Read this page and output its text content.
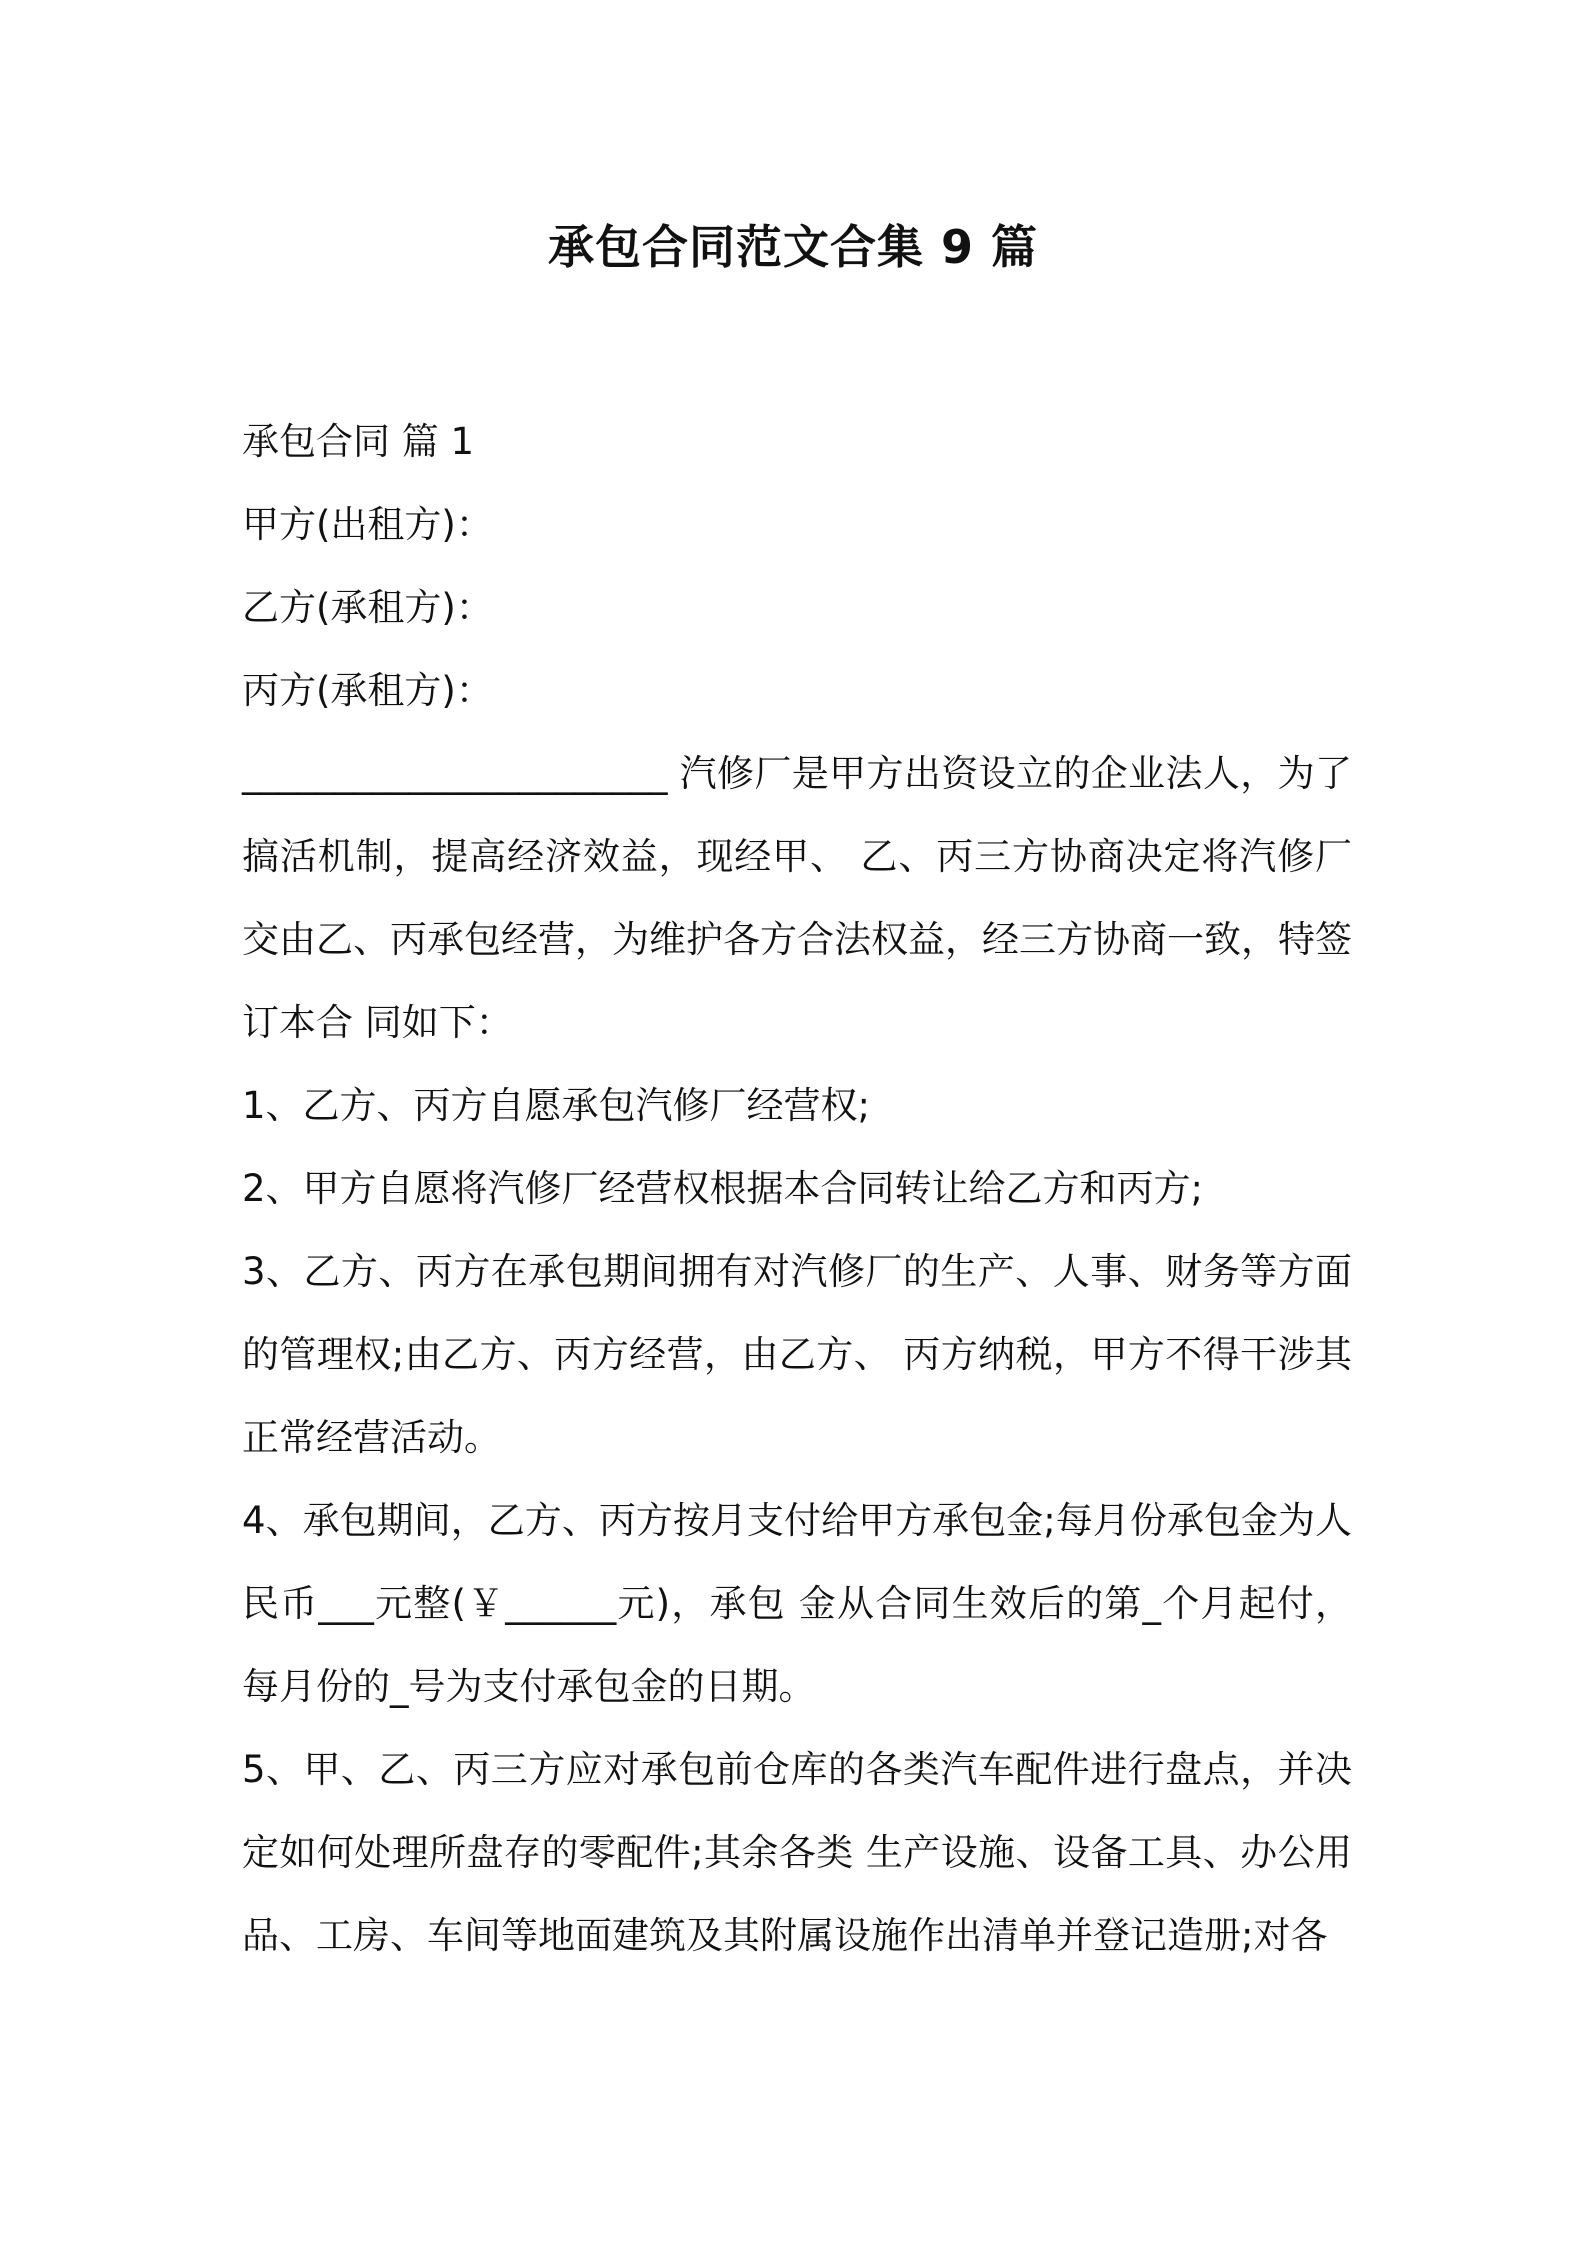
承包合同范文合集 9 篇

承包合同 篇 1

甲方(出租方)：

乙方(承租方)：

丙方(承租方)：

_______________________ 汽修厂是甲方出资设立的企业法人，为了搞活机制，提高经济效益，现经甲、 乙、丙三方协商决定将汽修厂交由乙、丙承包经营，为维护各方合法权益，经三方协商一致，特签订本合 同如下：

1、乙方、丙方自愿承包汽修厂经营权;

2、甲方自愿将汽修厂经营权根据本合同转让给乙方和丙方;

3、乙方、丙方在承包期间拥有对汽修厂的生产、人事、财务等方面的管理权;由乙方、丙方经营，由乙方、 丙方纳税，甲方不得干涉其正常经营活动。

4、承包期间，乙方、丙方按月支付给甲方承包金;每月份承包金为人民币___元整(￥______元)，承包 金从合同生效后的第_个月起付，每月份的_号为支付承包金的日期。

5、甲、乙、丙三方应对承包前仓库的各类汽车配件进行盘点，并决定如何处理所盘存的零配件;其余各类 生产设施、设备工具、办公用品、工房、车间等地面建筑及其附属设施作出清单并登记造册;对各
